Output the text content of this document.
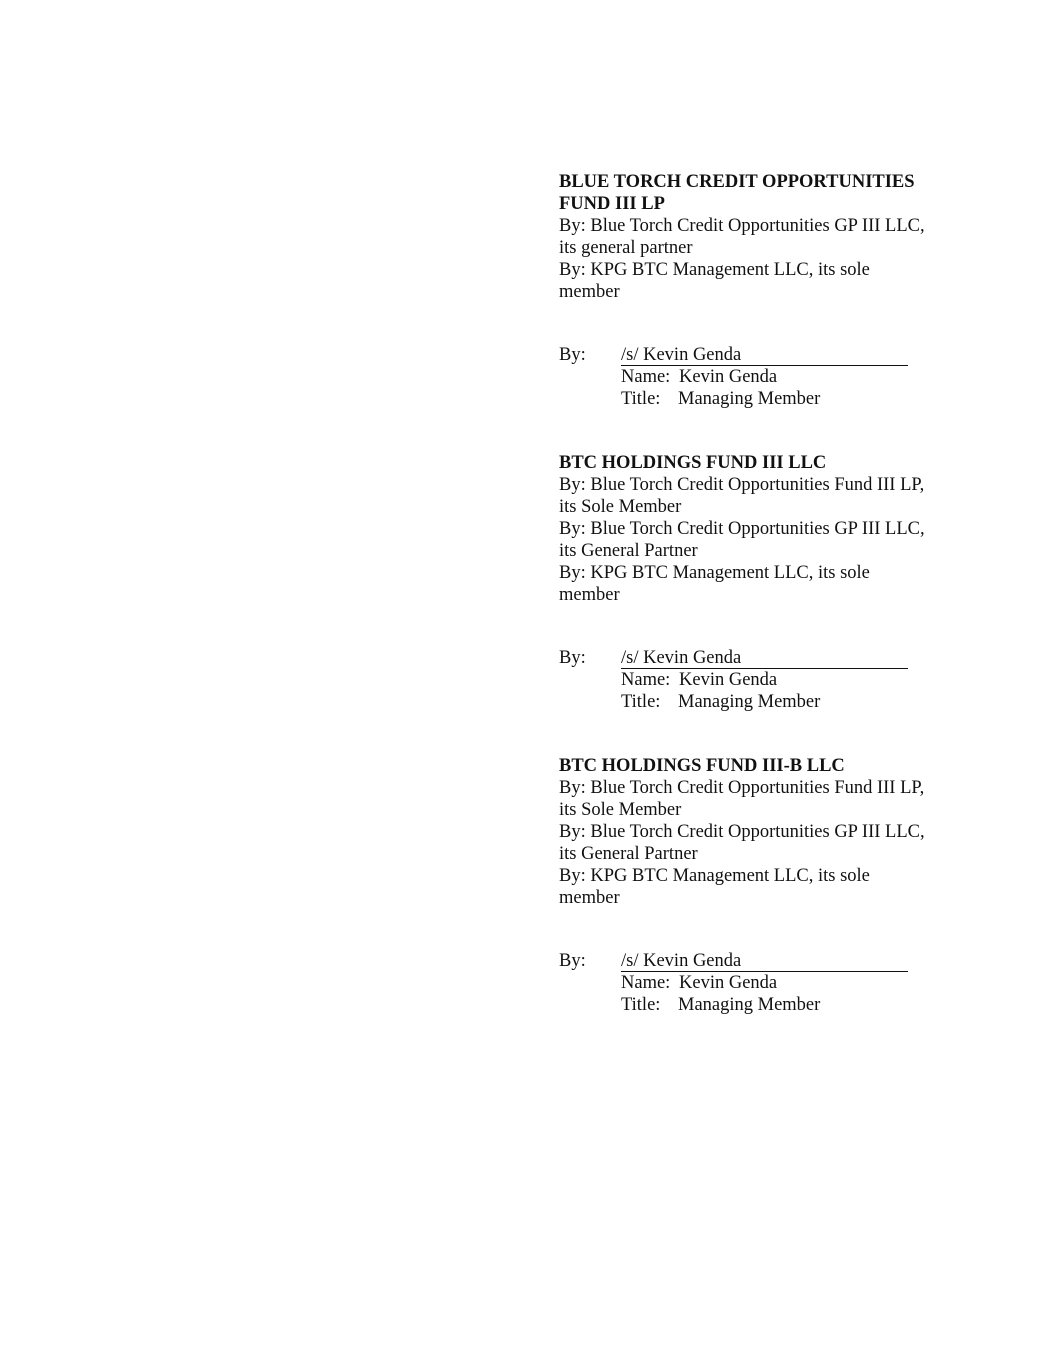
BLUE TORCH CREDIT OPPORTUNITIES FUND III LP

By: Blue Torch Credit Opportunities GP III LLC, its general partner

By: KPG BTC Management LLC, its sole member

By:	/s/ Kevin Genda
Name: Kevin Genda
Title: Managing Member

BTC HOLDINGS FUND III LLC

By: Blue Torch Credit Opportunities Fund III LP, its Sole Member

By: Blue Torch Credit Opportunities GP III LLC, its General Partner

By: KPG BTC Management LLC, its sole member

By:	/s/ Kevin Genda
Name: Kevin Genda
Title: Managing Member

BTC HOLDINGS FUND III-B LLC

By: Blue Torch Credit Opportunities Fund III LP, its Sole Member

By: Blue Torch Credit Opportunities GP III LLC, its General Partner

By: KPG BTC Management LLC, its sole member

By:	/s/ Kevin Genda
Name: Kevin Genda
Title: Managing Member
